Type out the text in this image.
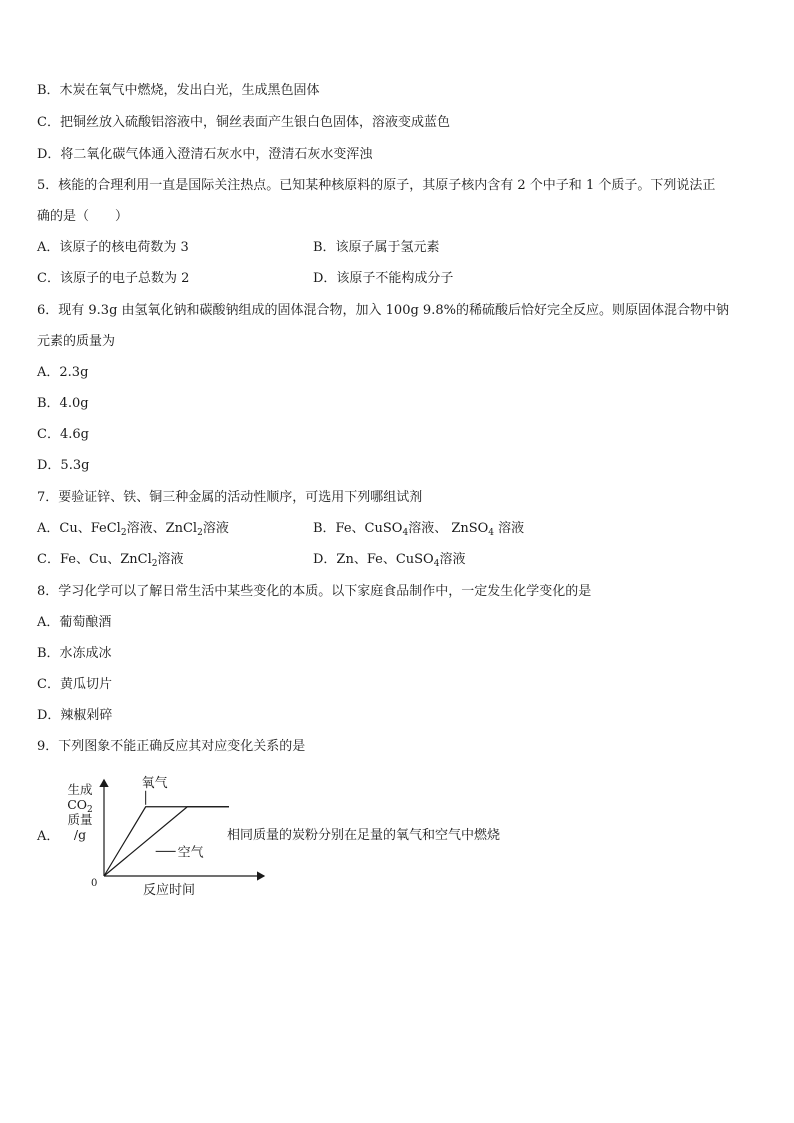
B．木炭在氧气中燃烧，发出白光，生成黑色固体
C．把铜丝放入硫酸铝溶液中，铜丝表面产生银白色固体，溶液变成蓝色
D．将二氧化碳气体通入澄清石灰水中，澄清石灰水变浑浊
5．核能的合理利用一直是国际关注热点。已知某种核原料的原子，其原子核内含有 2 个中子和 1 个质子。下列说法正
确的是（　　）
A．该原子的核电荷数为 3	B．该原子属于氢元素
C．该原子的电子总数为 2	D．该原子不能构成分子
6．现有 9.3g 由氢氧化钠和碳酸钠组成的固体混合物，加入 100g 9.8%的稀硫酸后恰好完全反应。则原固体混合物中钠
元素的质量为
A．2.3g
B．4.0g
C．4.6g
D．5.3g
7．要验证锌、铁、铜三种金属的活动性顺序，可选用下列哪组试剂
A．Cu、FeCl$_2$溶液、ZnCl$_2$溶液	B．Fe、CuSO$_4$溶液、 ZnSO$_4$ 溶液
C．Fe、Cu、ZnCl$_2$溶液	D．Zn、Fe、CuSO$_4$溶液
8．学习化学可以了解日常生活中某些变化的本质。以下家庭食品制作中，一定发生化学变化的是
A．葡萄酿酒
B．水冻成冰
C．黄瓜切片
D．辣椒剁碎
9．下列图象不能正确反应其对应变化关系的是
A．
生成
$CO_2$
质量
/g
氧气
空气
0	反应时间
相同质量的炭粉分别在足量的氧气和空气中燃烧
